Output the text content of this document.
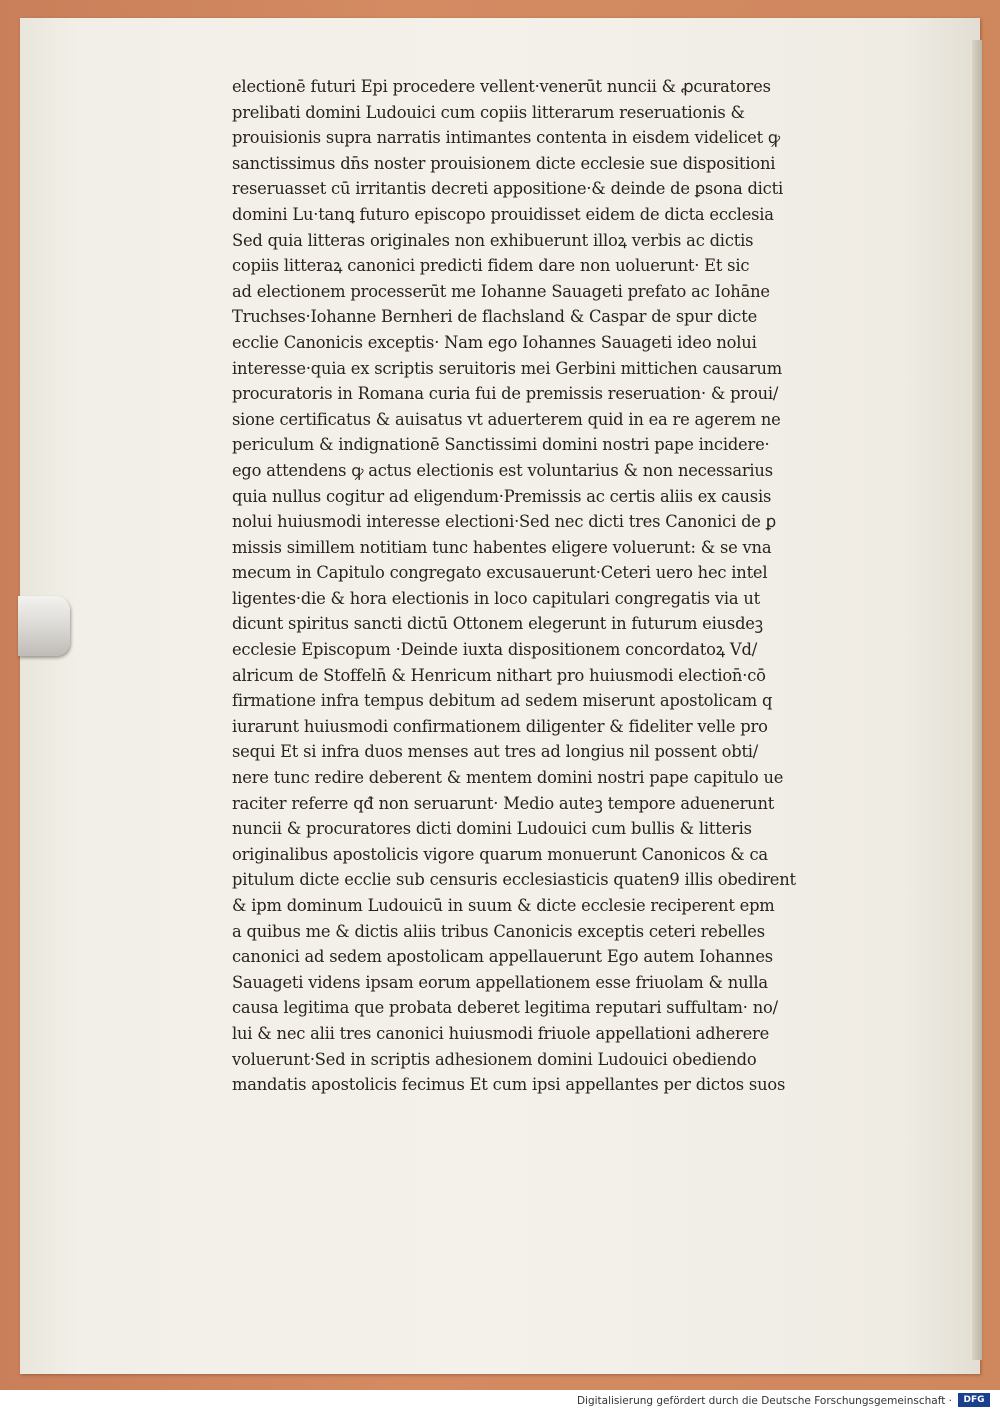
electionē futuri Epi procedere vellent·venerūt nuncii & ꝓcuratores
prelibati domini Ludouici cum copiis litterarum reseruationis &
prouisionis supra narratis intimantes contenta in eisdem videlicet ꝙ
sanctissimus dn̄s noster prouisionem dicte ecclesie sue dispositioni
reseruasset cū irritantis decreti appositione·& deinde de ꝑsona dicti
domini Lu·tanꝗ futuro episcopo prouidisset eidem de dicta ecclesia
Sed quia litteras originales non exhibuerunt illoꝝ verbis ac dictis
copiis litteraꝝ canonici predicti fidem dare non uoluerunt· Et sic
ad electionem processerūt me Iohanne Sauageti prefato ac Iohāne
Truchses·Iohanne Bernheri de flachsland & Caspar de spur dicte
ecclie Canonicis exceptis· Nam ego Iohannes Sauageti ideo nolui
interesse·quia ex scriptis seruitoris mei Gerbini mittichen causarum
procuratoris in Romana curia fui de premissis reseruation· & proui/
sione certificatus & auisatus vt aduerterem quid in ea re agerem ne
periculum & indignationē Sanctissimi domini nostri pape incidere·
ego attendens ꝙ actus electionis est voluntarius & non necessarius
quia nullus cogitur ad eligendum·Premissis ac certis aliis ex causis
nolui huiusmodi interesse electioni·Sed nec dicti tres Canonici de ꝑ
missis simillem notitiam tunc habentes eligere voluerunt: & se vna
mecum in Capitulo congregato excusauerunt·Ceteri uero hec intel
ligentes·die & hora electionis in loco capitulari congregatis via ut
dicunt spiritus sancti dictū Ottonem elegerunt in futurum eiusdeꝫ
ecclesie Episcopum ·Deinde iuxta dispositionem concordatoꝝ Vd/
alricum de Stoffeln̄ & Henricum nithart pro huiusmodi election̄·cō
firmatione infra tempus debitum ad sedem miserunt apostolicam q
iurarunt huiusmodi confirmationem diligenter & fideliter velle pro
sequi Et si infra duos menses aut tres ad longius nil possent obti/
nere tunc redire deberent & mentem domini nostri pape capitulo ue
raciter referre qđ non seruarunt· Medio auteꝫ tempore aduenerunt
nuncii & procuratores dicti domini Ludouici cum bullis & litteris
originalibus apostolicis vigore quarum monuerunt Canonicos & ca
pitulum dicte ecclie sub censuris ecclesiasticis quaten9 illis obedirent
& ipm dominum Ludouicū in suum & dicte ecclesie reciperent epm
a quibus me & dictis aliis tribus Canonicis exceptis ceteri rebelles
canonici ad sedem apostolicam appellauerunt Ego autem Iohannes
Sauageti videns ipsam eorum appellationem esse friuolam & nulla
causa legitima que probata deberet legitima reputari suffultam· no/
lui & nec alii tres canonici huiusmodi friuole appellationi adherere
voluerunt·Sed in scriptis adhesionem domini Ludouici obediendo
mandatis apostolicis fecimus Et cum ipsi appellantes per dictos suos
Digitalisierung gefördert durch die Deutsche Forschungsgemeinschaft ·	DFG
